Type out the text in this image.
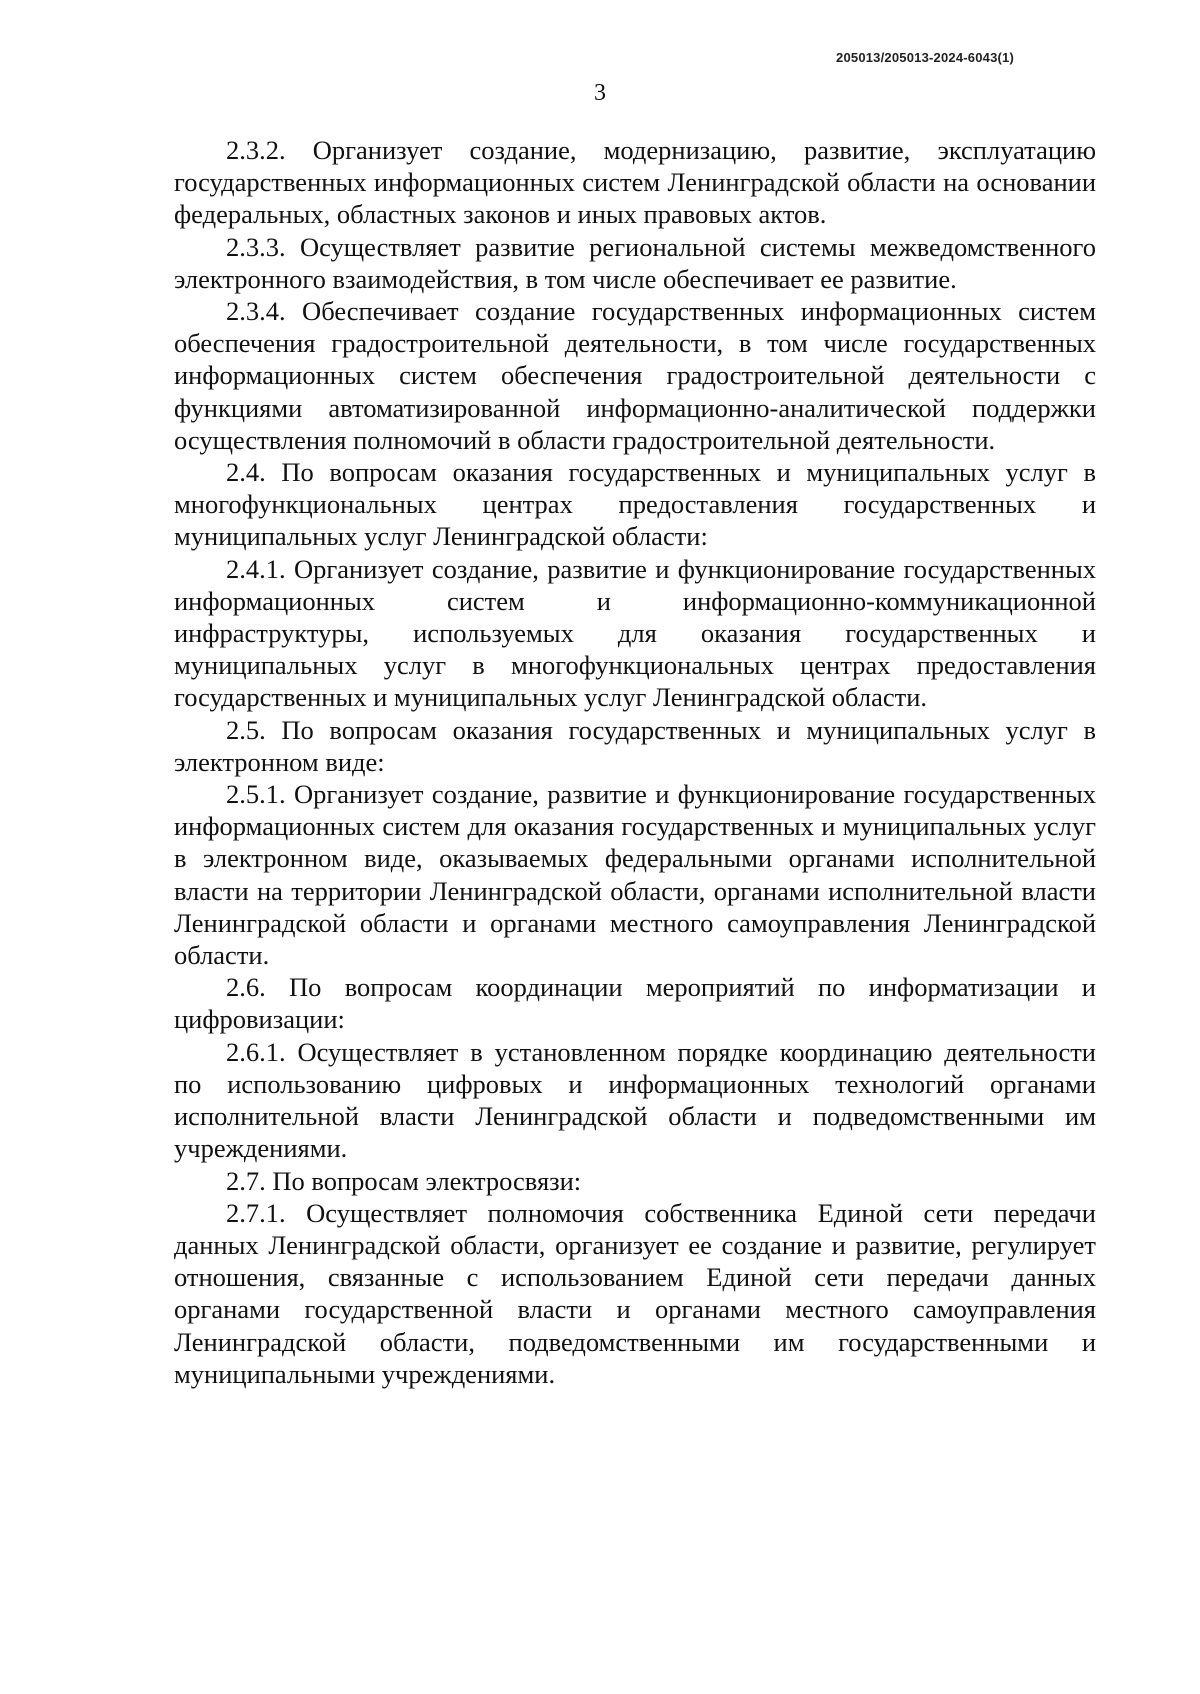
205013/205013-2024-6043(1)
3

2.3.2. Организует создание, модернизацию, развитие, эксплуатацию государственных информационных систем Ленинградской области на основании федеральных, областных законов и иных правовых актов.

2.3.3. Осуществляет развитие региональной системы межведомственного электронного взаимодействия, в том числе обеспечивает ее развитие.

2.3.4. Обеспечивает создание государственных информационных систем обеспечения градостроительной деятельности, в том числе государственных информационных систем обеспечения градостроительной деятельности с функциями автоматизированной информационно-аналитической поддержки осуществления полномочий в области градостроительной деятельности.

2.4. По вопросам оказания государственных и муниципальных услуг в многофункциональных центрах предоставления государственных и муниципальных услуг Ленинградской области:

2.4.1. Организует создание, развитие и функционирование государственных информационных систем и информационно-коммуникационной инфраструктуры, используемых для оказания государственных и муниципальных услуг в многофункциональных центрах предоставления государственных и муниципальных услуг Ленинградской области.

2.5. По вопросам оказания государственных и муниципальных услуг в электронном виде:

2.5.1. Организует создание, развитие и функционирование государственных информационных систем для оказания государственных и муниципальных услуг в электронном виде, оказываемых федеральными органами исполнительной власти на территории Ленинградской области, органами исполнительной власти Ленинградской области и органами местного самоуправления Ленинградской области.

2.6. По вопросам координации мероприятий по информатизации и цифровизации:

2.6.1. Осуществляет в установленном порядке координацию деятельности по использованию цифровых и информационных технологий органами исполнительной власти Ленинградской области и подведомственными им учреждениями.

2.7. По вопросам электросвязи:

2.7.1. Осуществляет полномочия собственника Единой сети передачи данных Ленинградской области, организует ее создание и развитие, регулирует отношения, связанные с использованием Единой сети передачи данных органами государственной власти и органами местного самоуправления Ленинградской области, подведомственными им государственными и муниципальными учреждениями.
